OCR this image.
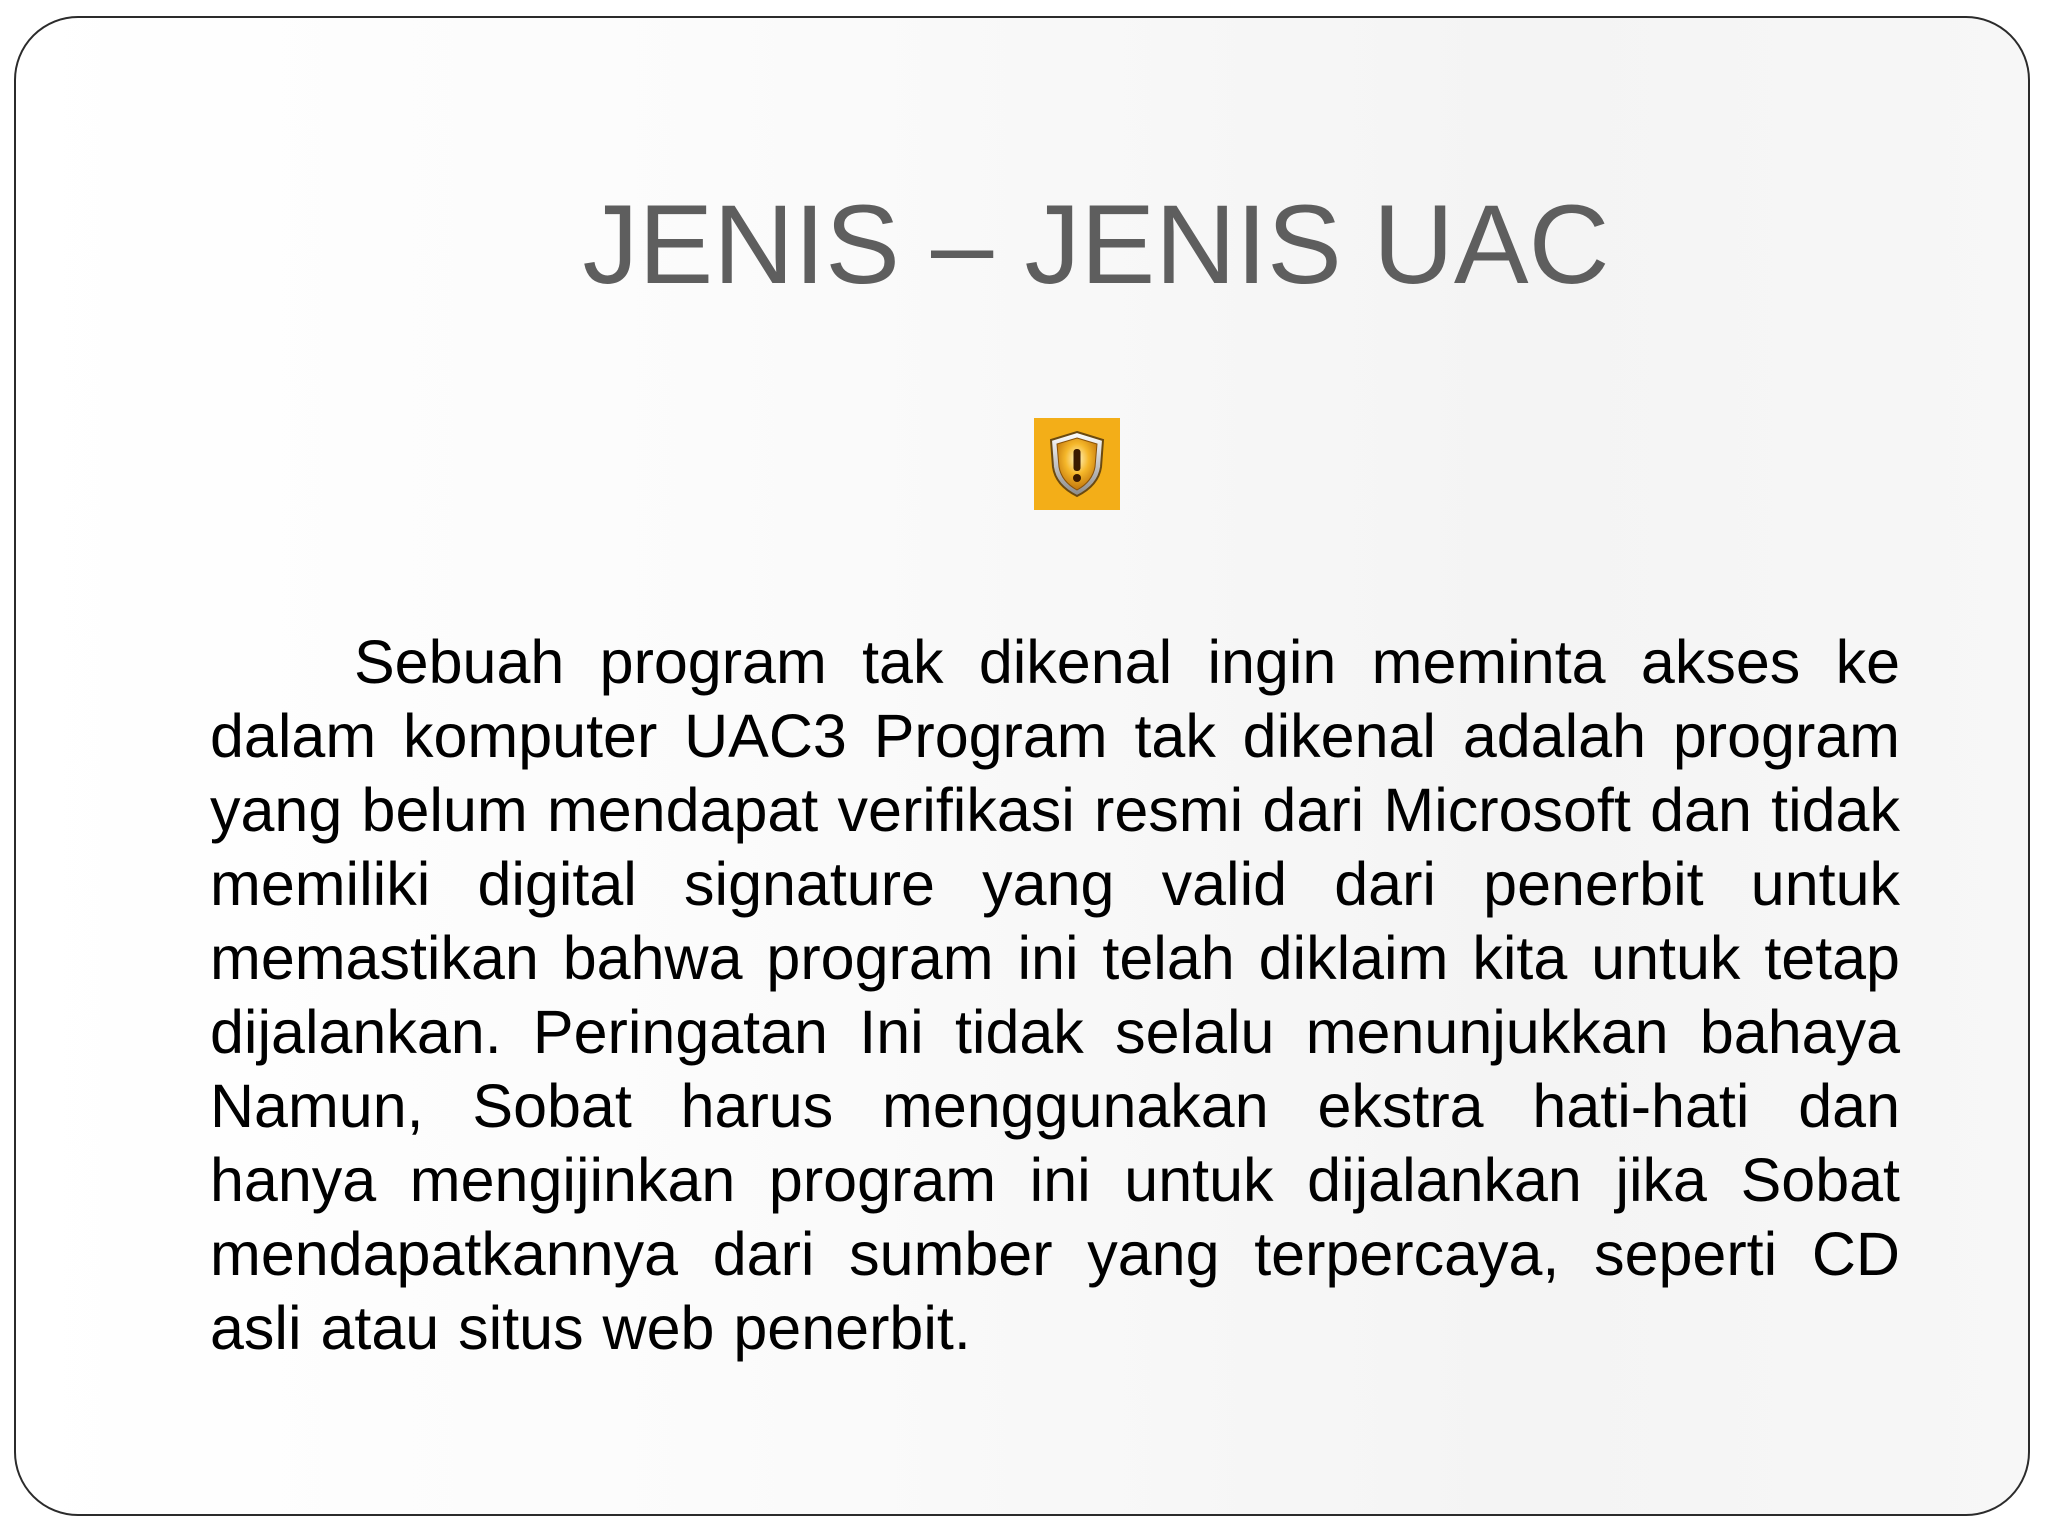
JENIS – JENIS UAC

Sebuah program tak dikenal ingin meminta akses ke dalam komputer UAC3 Program tak dikenal adalah program yang belum mendapat verifikasi resmi dari Microsoft dan tidak memiliki digital signature yang valid dari penerbit untuk memastikan bahwa program ini telah diklaim kita untuk tetap dijalankan. Peringatan Ini tidak selalu menunjukkan bahaya Namun, Sobat harus menggunakan ekstra hati-hati dan hanya mengijinkan program ini untuk dijalankan jika Sobat mendapatkannya dari sumber yang terpercaya, seperti CD asli atau situs web penerbit.
